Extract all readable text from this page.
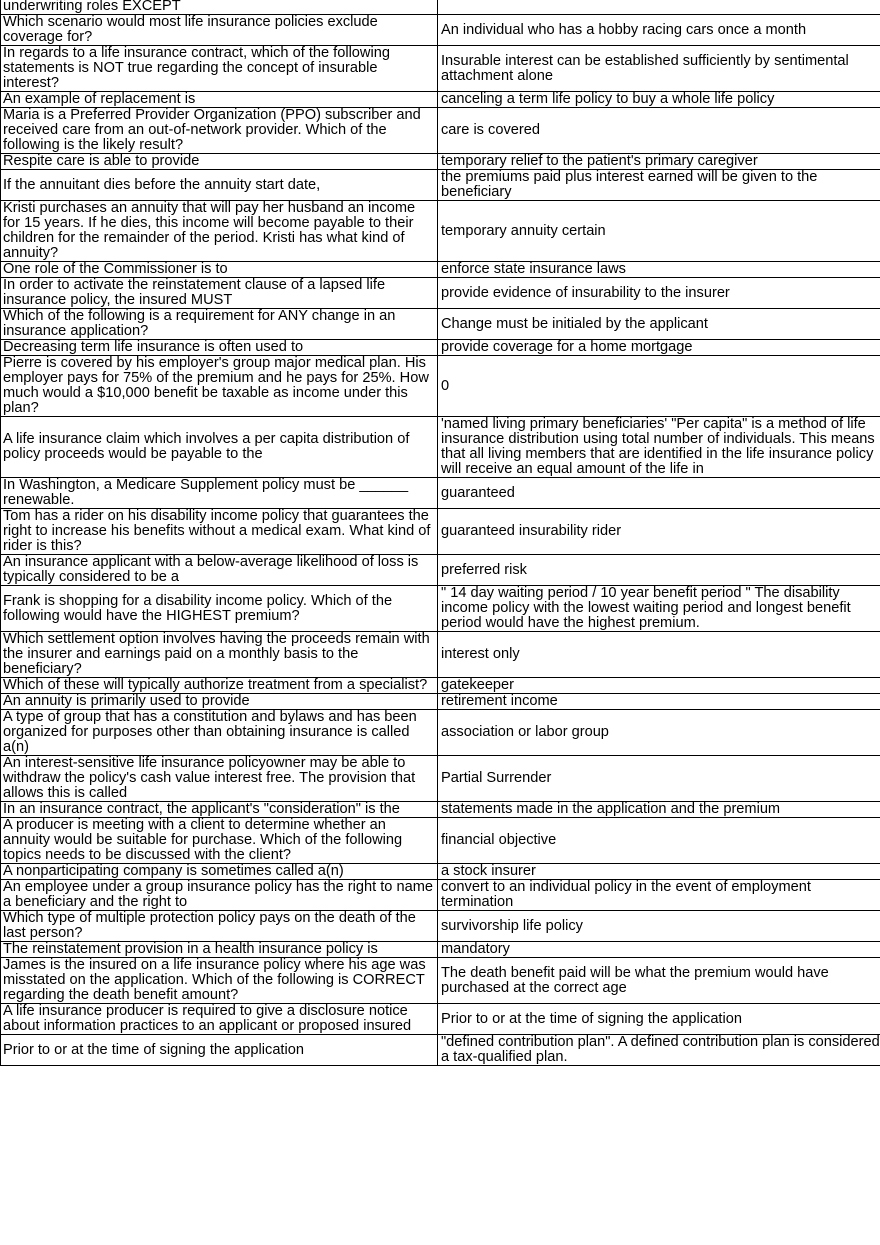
underwriting roles EXCEPT	
Which scenario would most life insurance policies exclude coverage for?	An individual who has a hobby racing cars once a month
In regards to a life insurance contract, which of the following statements is NOT true regarding the concept of insurable interest?	Insurable interest can be established sufficiently by sentimental attachment alone
An example of replacement is	canceling a term life policy to buy a whole life policy
Maria is a Preferred Provider Organization (PPO) subscriber and received care from an out-of-network provider. Which of the following is the likely result?	care is covered
Respite care is able to provide	temporary relief to the patient's primary caregiver
If the annuitant dies before the annuity start date,	the premiums paid plus interest earned will be given to the beneficiary
Kristi purchases an annuity that will pay her husband an income for 15 years. If he dies, this income will become payable to their children for the remainder of the period. Kristi has what kind of annuity?	temporary annuity certain
One role of the Commissioner is to	enforce state insurance laws
In order to activate the reinstatement clause of a lapsed life insurance policy, the insured MUST	provide evidence of insurability to the insurer
Which of the following is a requirement for ANY change in an insurance application?	Change must be initialed by the applicant
Decreasing term life insurance is often used to	provide coverage for a home mortgage
Pierre is covered by his employer's group major medical plan. His employer pays for 75% of the premium and he pays for 25%. How much would a $10,000 benefit be taxable as income under this plan?	0
A life insurance claim which involves a per capita distribution of policy proceeds would be payable to the	'named living primary beneficiaries' "Per capita" is a method of life insurance distribution using total number of individuals. This means that all living members that are identified in the life insurance policy will receive an equal amount of the life in
In Washington, a Medicare Supplement policy must be ______ renewable.	guaranteed
Tom has a rider on his disability income policy that guarantees the right to increase his benefits without a medical exam. What kind of rider is this?	guaranteed insurability rider
An insurance applicant with a below-average likelihood of loss is typically considered to be a	preferred risk
Frank is shopping for a disability income policy. Which of the following would have the HIGHEST premium?	" 14 day waiting period / 10 year benefit period " The disability income policy with the lowest waiting period and longest benefit period would have the highest premium.
Which settlement option involves having the proceeds remain with the insurer and earnings paid on a monthly basis to the beneficiary?	interest only
Which of these will typically authorize treatment from a specialist?	gatekeeper
An annuity is primarily used to provide	retirement income
A type of group that has a constitution and bylaws and has been organized for purposes other than obtaining insurance is called a(n)	association or labor group
An interest-sensitive life insurance policyowner may be able to withdraw the policy's cash value interest free. The provision that allows this is called	Partial Surrender
In an insurance contract, the applicant's "consideration" is the	statements made in the application and the premium
A producer is meeting with a client to determine whether an annuity would be suitable for purchase. Which of the following topics needs to be discussed with the client?	financial objective
A nonparticipating company is sometimes called a(n)	a stock insurer
An employee under a group insurance policy has the right to name a beneficiary and the right to	convert to an individual policy in the event of employment termination
Which type of multiple protection policy pays on the death of the last person?	survivorship life policy
The reinstatement provision in a health insurance policy is	mandatory
James is the insured on a life insurance policy where his age was misstated on the application. Which of the following is CORRECT regarding the death benefit amount?	The death benefit paid will be what the premium would have purchased at the correct age
A life insurance producer is required to give a disclosure notice about information practices to an applicant or proposed insured	Prior to or at the time of signing the application
Prior to or at the time of signing the application	"defined contribution plan". A defined contribution plan is considered a tax-qualified plan.
